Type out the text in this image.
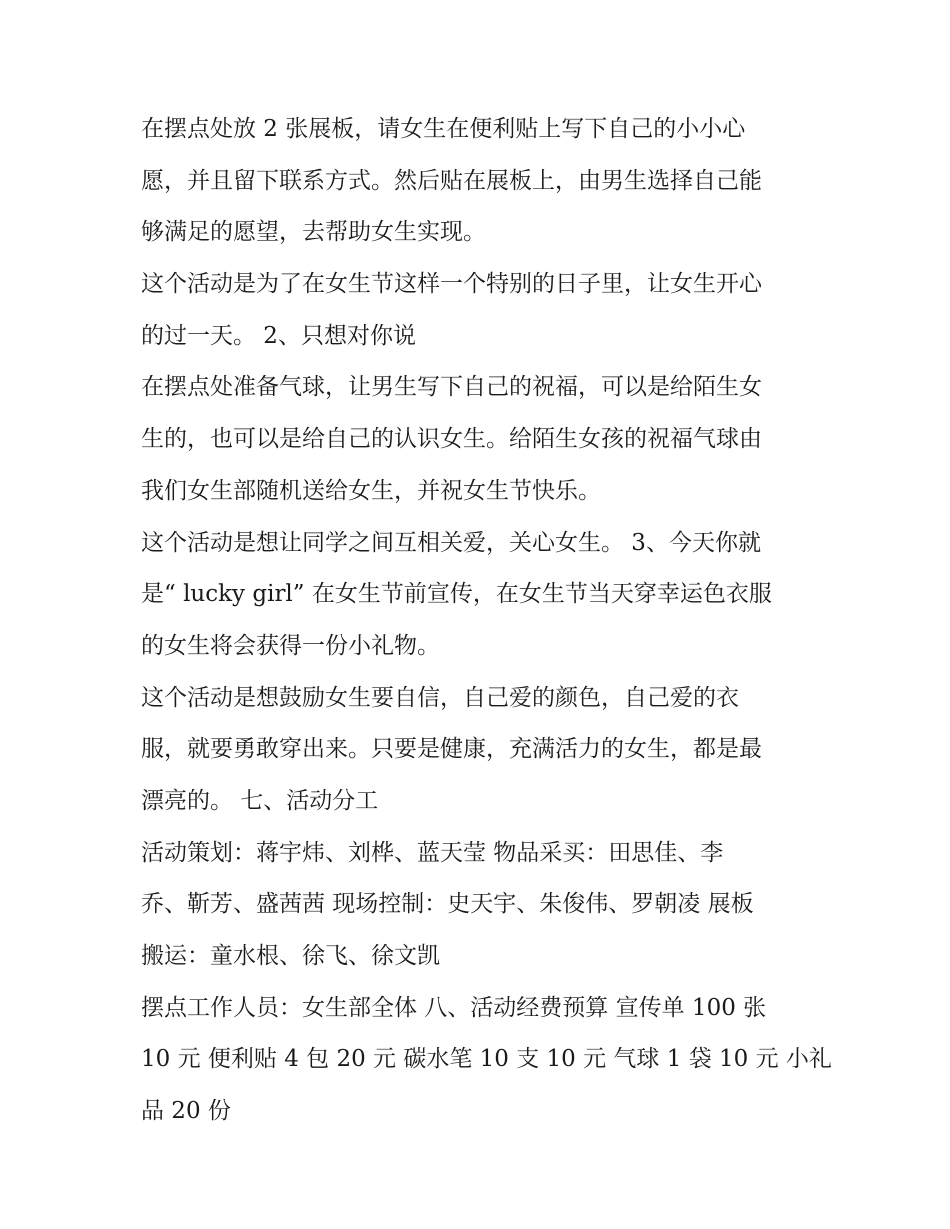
在摆点处放 2 张展板，请女生在便利贴上写下自己的小小心
愿，并且留下联系方式。然后贴在展板上，由男生选择自己能
够满足的愿望，去帮助女生实现。
这个活动是为了在女生节这样一个特别的日子里，让女生开心
的过一天。 2、只想对你说
在摆点处准备气球，让男生写下自己的祝福，可以是给陌生女
生的，也可以是给自己的认识女生。给陌生女孩的祝福气球由
我们女生部随机送给女生，并祝女生节快乐。
这个活动是想让同学之间互相关爱，关心女生。 3、今天你就
是“ lucky girl” 在女生节前宣传，在女生节当天穿幸运色衣服
的女生将会获得一份小礼物。
这个活动是想鼓励女生要自信，自己爱的颜色，自己爱的衣
服，就要勇敢穿出来。只要是健康，充满活力的女生，都是最
漂亮的。 七、活动分工
活动策划：蒋宇炜、刘桦、蓝天莹 物品采买：田思佳、李
乔、靳芳、盛茜茜 现场控制：史天宇、朱俊伟、罗朝凌 展板
搬运：童水根、徐飞、徐文凯
摆点工作人员：女生部全体 八、活动经费预算 宣传单 100 张
10 元 便利贴 4 包 20 元 碳水笔 10 支 10 元 气球 1 袋 10 元 小礼
品 20 份
